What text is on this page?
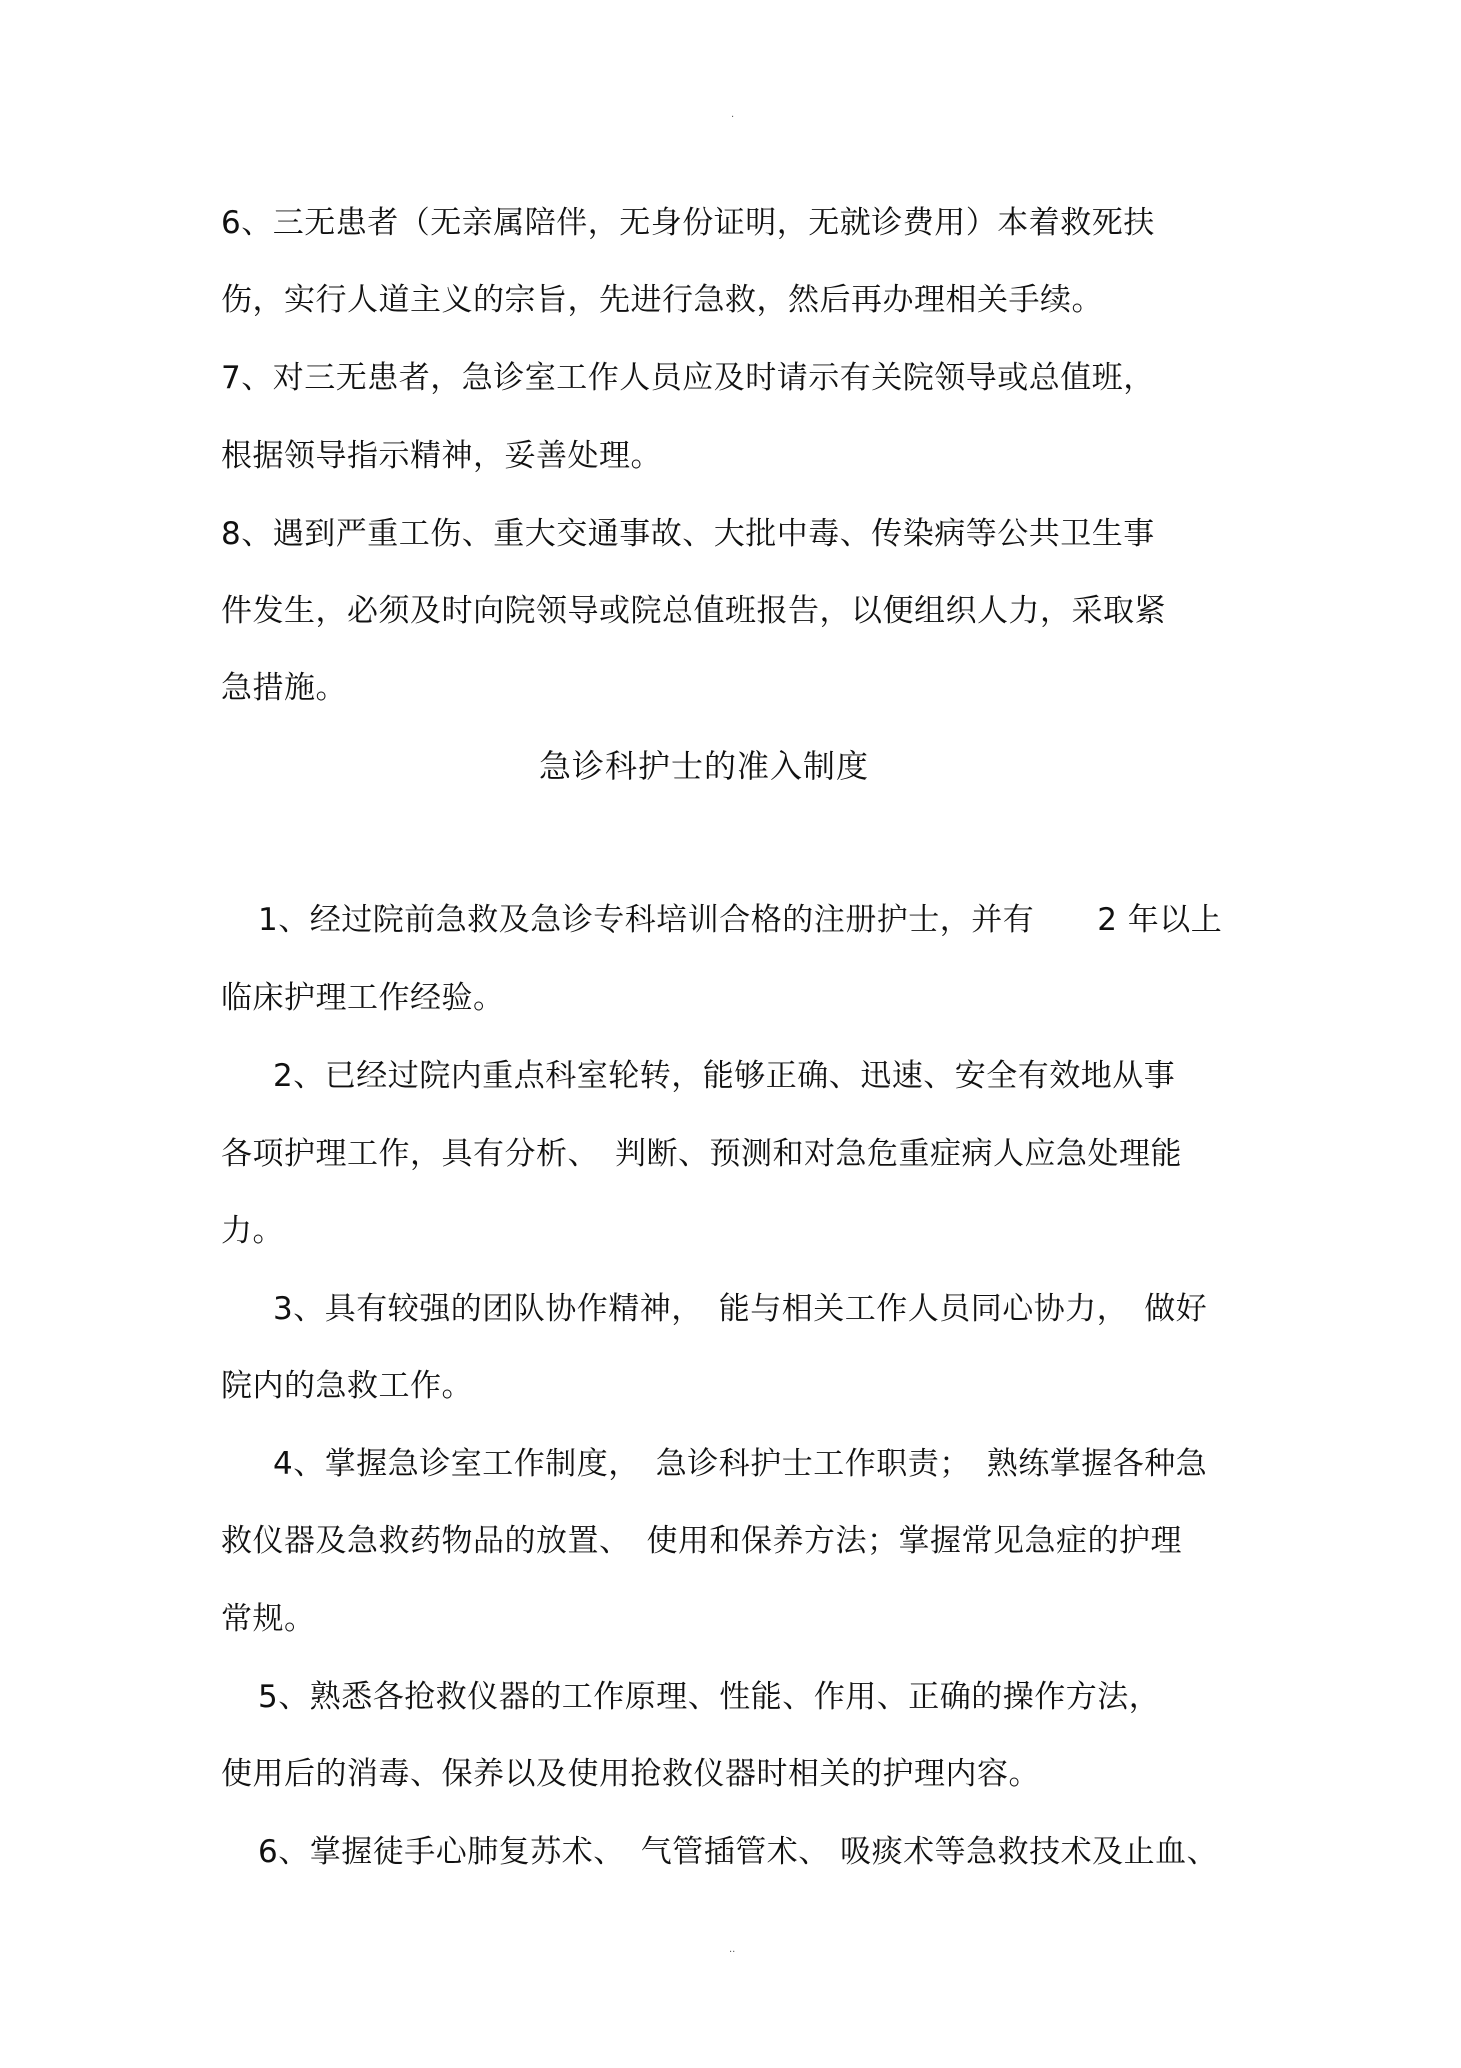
.
6、三无患者（无亲属陪伴，无身份证明，无就诊费用）本着救死扶
伤，实行人道主义的宗旨，先进行急救，然后再办理相关手续。
7、对三无患者，急诊室工作人员应及时请示有关院领导或总值班，
根据领导指示精神，妥善处理。
8、遇到严重工伤、重大交通事故、大批中毒、传染病等公共卫生事
件发生，必须及时向院领导或院总值班报告，以便组织人力，采取紧
急措施。
急诊科护士的准入制度
1、经过院前急救及急诊专科培训合格的注册护士，并有　　2 年以上
临床护理工作经验。
2、已经过院内重点科室轮转，能够正确、迅速、安全有效地从事
各项护理工作，具有分析、　判断、预测和对急危重症病人应急处理能
力。
3、具有较强的团队协作精神，　能与相关工作人员同心协力，　做好
院内的急救工作。
4、掌握急诊室工作制度，　急诊科护士工作职责；　熟练掌握各种急
救仪器及急救药物品的放置、　使用和保养方法；掌握常见急症的护理
常规。
5、熟悉各抢救仪器的工作原理、性能、作用、正确的操作方法，
使用后的消毒、保养以及使用抢救仪器时相关的护理内容。
6、掌握徒手心肺复苏术、　气管插管术、 吸痰术等急救技术及止血、
..
